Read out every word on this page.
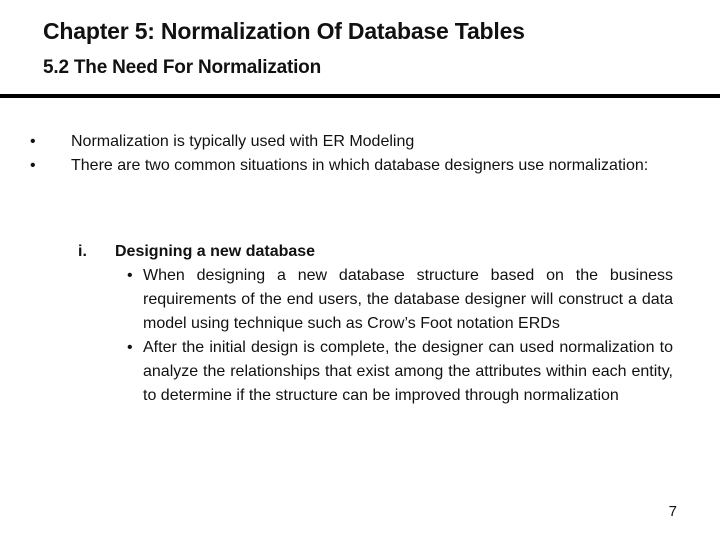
Chapter 5: Normalization Of Database Tables
5.2 The Need For Normalization
• Normalization is typically used with ER Modeling
• There are two common situations in which database designers use normalization:
i. Designing a new database
• When designing a new database structure based on the business requirements of the end users, the database designer will construct a data model using technique such as Crow’s Foot notation ERDs
• After the initial design is complete, the designer can used normalization to analyze the relationships that exist among the attributes within each entity, to determine if the structure can be improved through normalization
7
